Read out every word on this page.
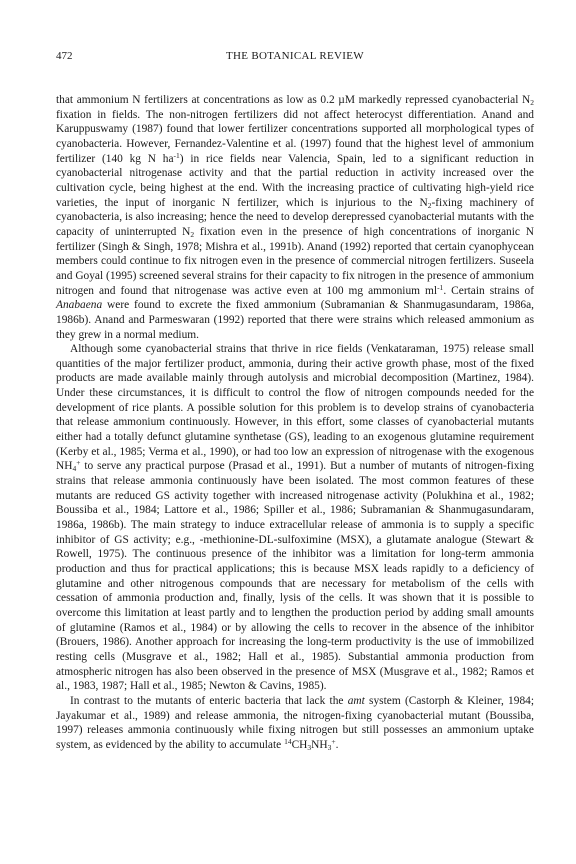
472	THE BOTANICAL REVIEW

that ammonium N fertilizers at concentrations as low as 0.2 µM markedly repressed cyanobacterial $N_2$ fixation in fields. The non-nitrogen fertilizers did not affect heterocyst differentiation. Anand and Karuppuswamy (1987) found that lower fertilizer concentrations supported all morphological types of cyanobacteria. However, Fernandez-Valentine et al. (1997) found that the highest level of ammonium fertilizer (140 kg N $ha^{-1}$) in rice fields near Valencia, Spain, led to a significant reduction in cyanobacterial nitrogenase activity and that the partial reduction in activity increased over the cultivation cycle, being highest at the end. With the increasing practice of cultivating high-yield rice varieties, the input of inorganic N fertilizer, which is injurious to the $N_2$-fixing machinery of cyanobacteria, is also increasing; hence the need to develop derepressed cyanobacterial mutants with the capacity of uninterrupted $N_2$ fixation even in the presence of high concentrations of inorganic N fertilizer (Singh & Singh, 1978; Mishra et al., 1991b). Anand (1992) reported that certain cyanophycean members could continue to fix nitrogen even in the presence of commercial nitrogen fertilizers. Suseela and Goyal (1995) screened several strains for their capacity to fix nitrogen in the presence of ammonium nitrogen and found that nitrogenase was active even at 100 mg ammonium $ml^{-1}$. Certain strains of Anabaena were found to excrete the fixed ammonium (Subramanian & Shanmugasundaram, 1986a, 1986b). Anand and Parmeswaran (1992) reported that there were strains which released ammonium as they grew in a normal medium.

Although some cyanobacterial strains that thrive in rice fields (Venkataraman, 1975) release small quantities of the major fertilizer product, ammonia, during their active growth phase, most of the fixed products are made available mainly through autolysis and microbial decomposition (Martinez, 1984). Under these circumstances, it is difficult to control the flow of nitrogen compounds needed for the development of rice plants. A possible solution for this problem is to develop strains of cyanobacteria that release ammonium continuously. However, in this effort, some classes of cyanobacterial mutants either had a totally defunct glutamine synthetase (GS), leading to an exogenous glutamine requirement (Kerby et al., 1985; Verma et al., 1990), or had too low an expression of nitrogenase with the exogenous $NH_4^+$ to serve any practical purpose (Prasad et al., 1991). But a number of mutants of nitrogen-fixing strains that release ammonia continuously have been isolated. The most common features of these mutants are reduced GS activity together with increased nitrogenase activity (Polukhina et al., 1982; Boussiba et al., 1984; Lattore et al., 1986; Spiller et al., 1986; Subramanian & Shanmugasundaram, 1986a, 1986b). The main strategy to induce extracellular release of ammonia is to supply a specific inhibitor of GS activity; e.g., -methionine-DL-sulfoximine (MSX), a glutamate analogue (Stewart & Rowell, 1975). The continuous presence of the inhibitor was a limitation for long-term ammonia production and thus for practical applications; this is because MSX leads rapidly to a deficiency of glutamine and other nitrogenous compounds that are necessary for metabolism of the cells with cessation of ammonia production and, finally, lysis of the cells. It was shown that it is possible to overcome this limitation at least partly and to lengthen the production period by adding small amounts of glutamine (Ramos et al., 1984) or by allowing the cells to recover in the absence of the inhibitor (Brouers, 1986). Another approach for increasing the long-term productivity is the use of immobilized resting cells (Musgrave et al., 1982; Hall et al., 1985). Substantial ammonia production from atmospheric nitrogen has also been observed in the presence of MSX (Musgrave et al., 1982; Ramos et al., 1983, 1987; Hall et al., 1985; Newton & Cavins, 1985).

In contrast to the mutants of enteric bacteria that lack the amt system (Castorph & Kleiner, 1984; Jayakumar et al., 1989) and release ammonia, the nitrogen-fixing cyanobacterial mutant (Boussiba, 1997) releases ammonia continuously while fixing nitrogen but still possesses an ammonium uptake system, as evidenced by the ability to accumulate $^{14}CH_3NH_3^+$.
